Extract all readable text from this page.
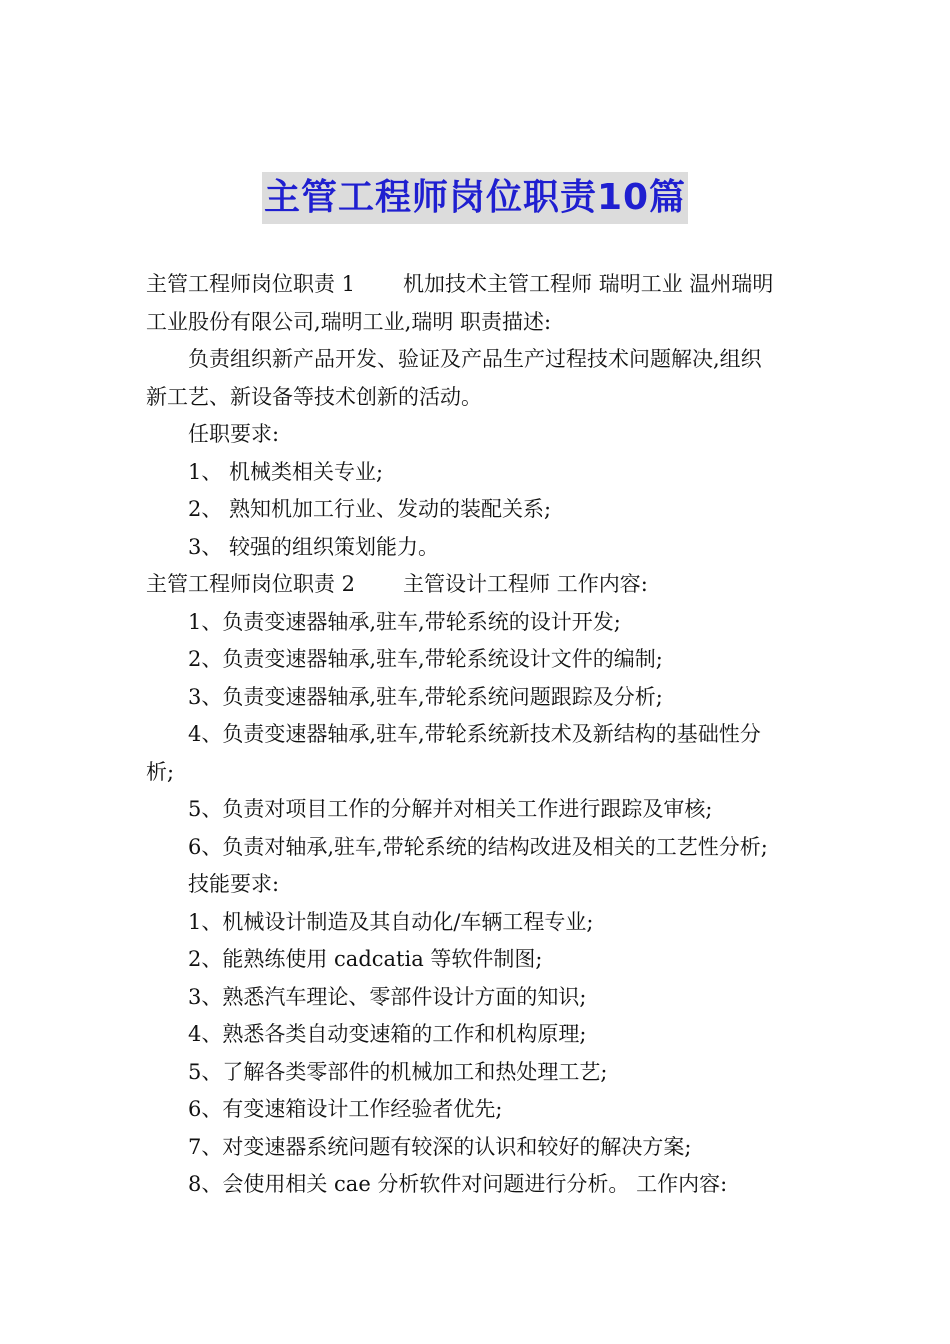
主管工程师岗位职责10篇

主管工程师岗位职责 1 机加技术主管工程师 瑞明工业 温州瑞明

工业股份有限公司,瑞明工业,瑞明 职责描述:

负责组织新产品开发、验证及产品生产过程技术问题解决,组织

新工艺、新设备等技术创新的活动。

任职要求:

1、 机械类相关专业;

2、 熟知机加工行业、发动的装配关系;

3、 较强的组织策划能力。

主管工程师岗位职责 2 主管设计工程师 工作内容:

1、负责变速器轴承,驻车,带轮系统的设计开发;

2、负责变速器轴承,驻车,带轮系统设计文件的编制;

3、负责变速器轴承,驻车,带轮系统问题跟踪及分析;

4、负责变速器轴承,驻车,带轮系统新技术及新结构的基础性分

析;

5、负责对项目工作的分解并对相关工作进行跟踪及审核;

6、负责对轴承,驻车,带轮系统的结构改进及相关的工艺性分析;

技能要求:

1、机械设计制造及其自动化/车辆工程专业;

2、能熟练使用 cadcatia 等软件制图;

3、熟悉汽车理论、零部件设计方面的知识;

4、熟悉各类自动变速箱的工作和机构原理;

5、了解各类零部件的机械加工和热处理工艺;

6、有变速箱设计工作经验者优先;

7、对变速器系统问题有较深的认识和较好的解决方案;

8、会使用相关 cae 分析软件对问题进行分析。 工作内容:
